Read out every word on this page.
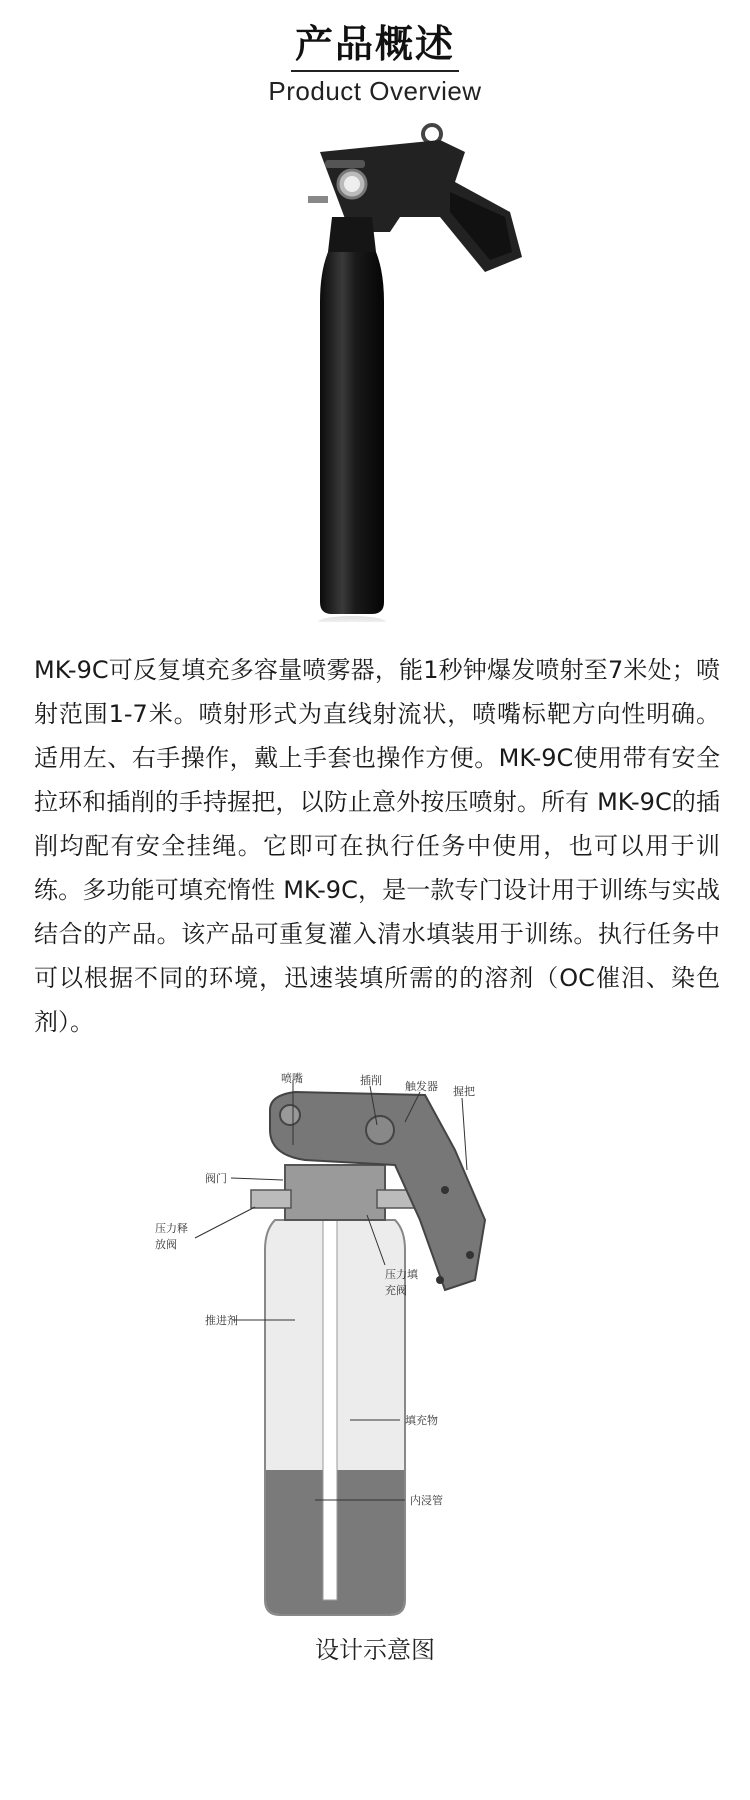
产品概述
Product Overview

MK-9C可反复填充多容量喷雾器，能1秒钟爆发喷射至7米处；喷射范围1-7米。喷射形式为直线射流状，喷嘴标靶方向性明确。适用左、右手操作，戴上手套也操作方便。MK-9C使用带有安全拉环和插削的手持握把，以防止意外按压喷射。所有 MK-9C的插削均配有安全挂绳。它即可在执行任务中使用，也可以用于训练。多功能可填充惰性 MK-9C，是一款专门设计用于训练与实战结合的产品。该产品可重复灌入清水填装用于训练。执行任务中可以根据不同的环境，迅速装填所需的的溶剂（OC催泪、染色剂）。

喷嘴	插削 触发器 握把
阀门
压力释
放阀
压力填
充阀
推进剂
填充物
内浸管
设计示意图
